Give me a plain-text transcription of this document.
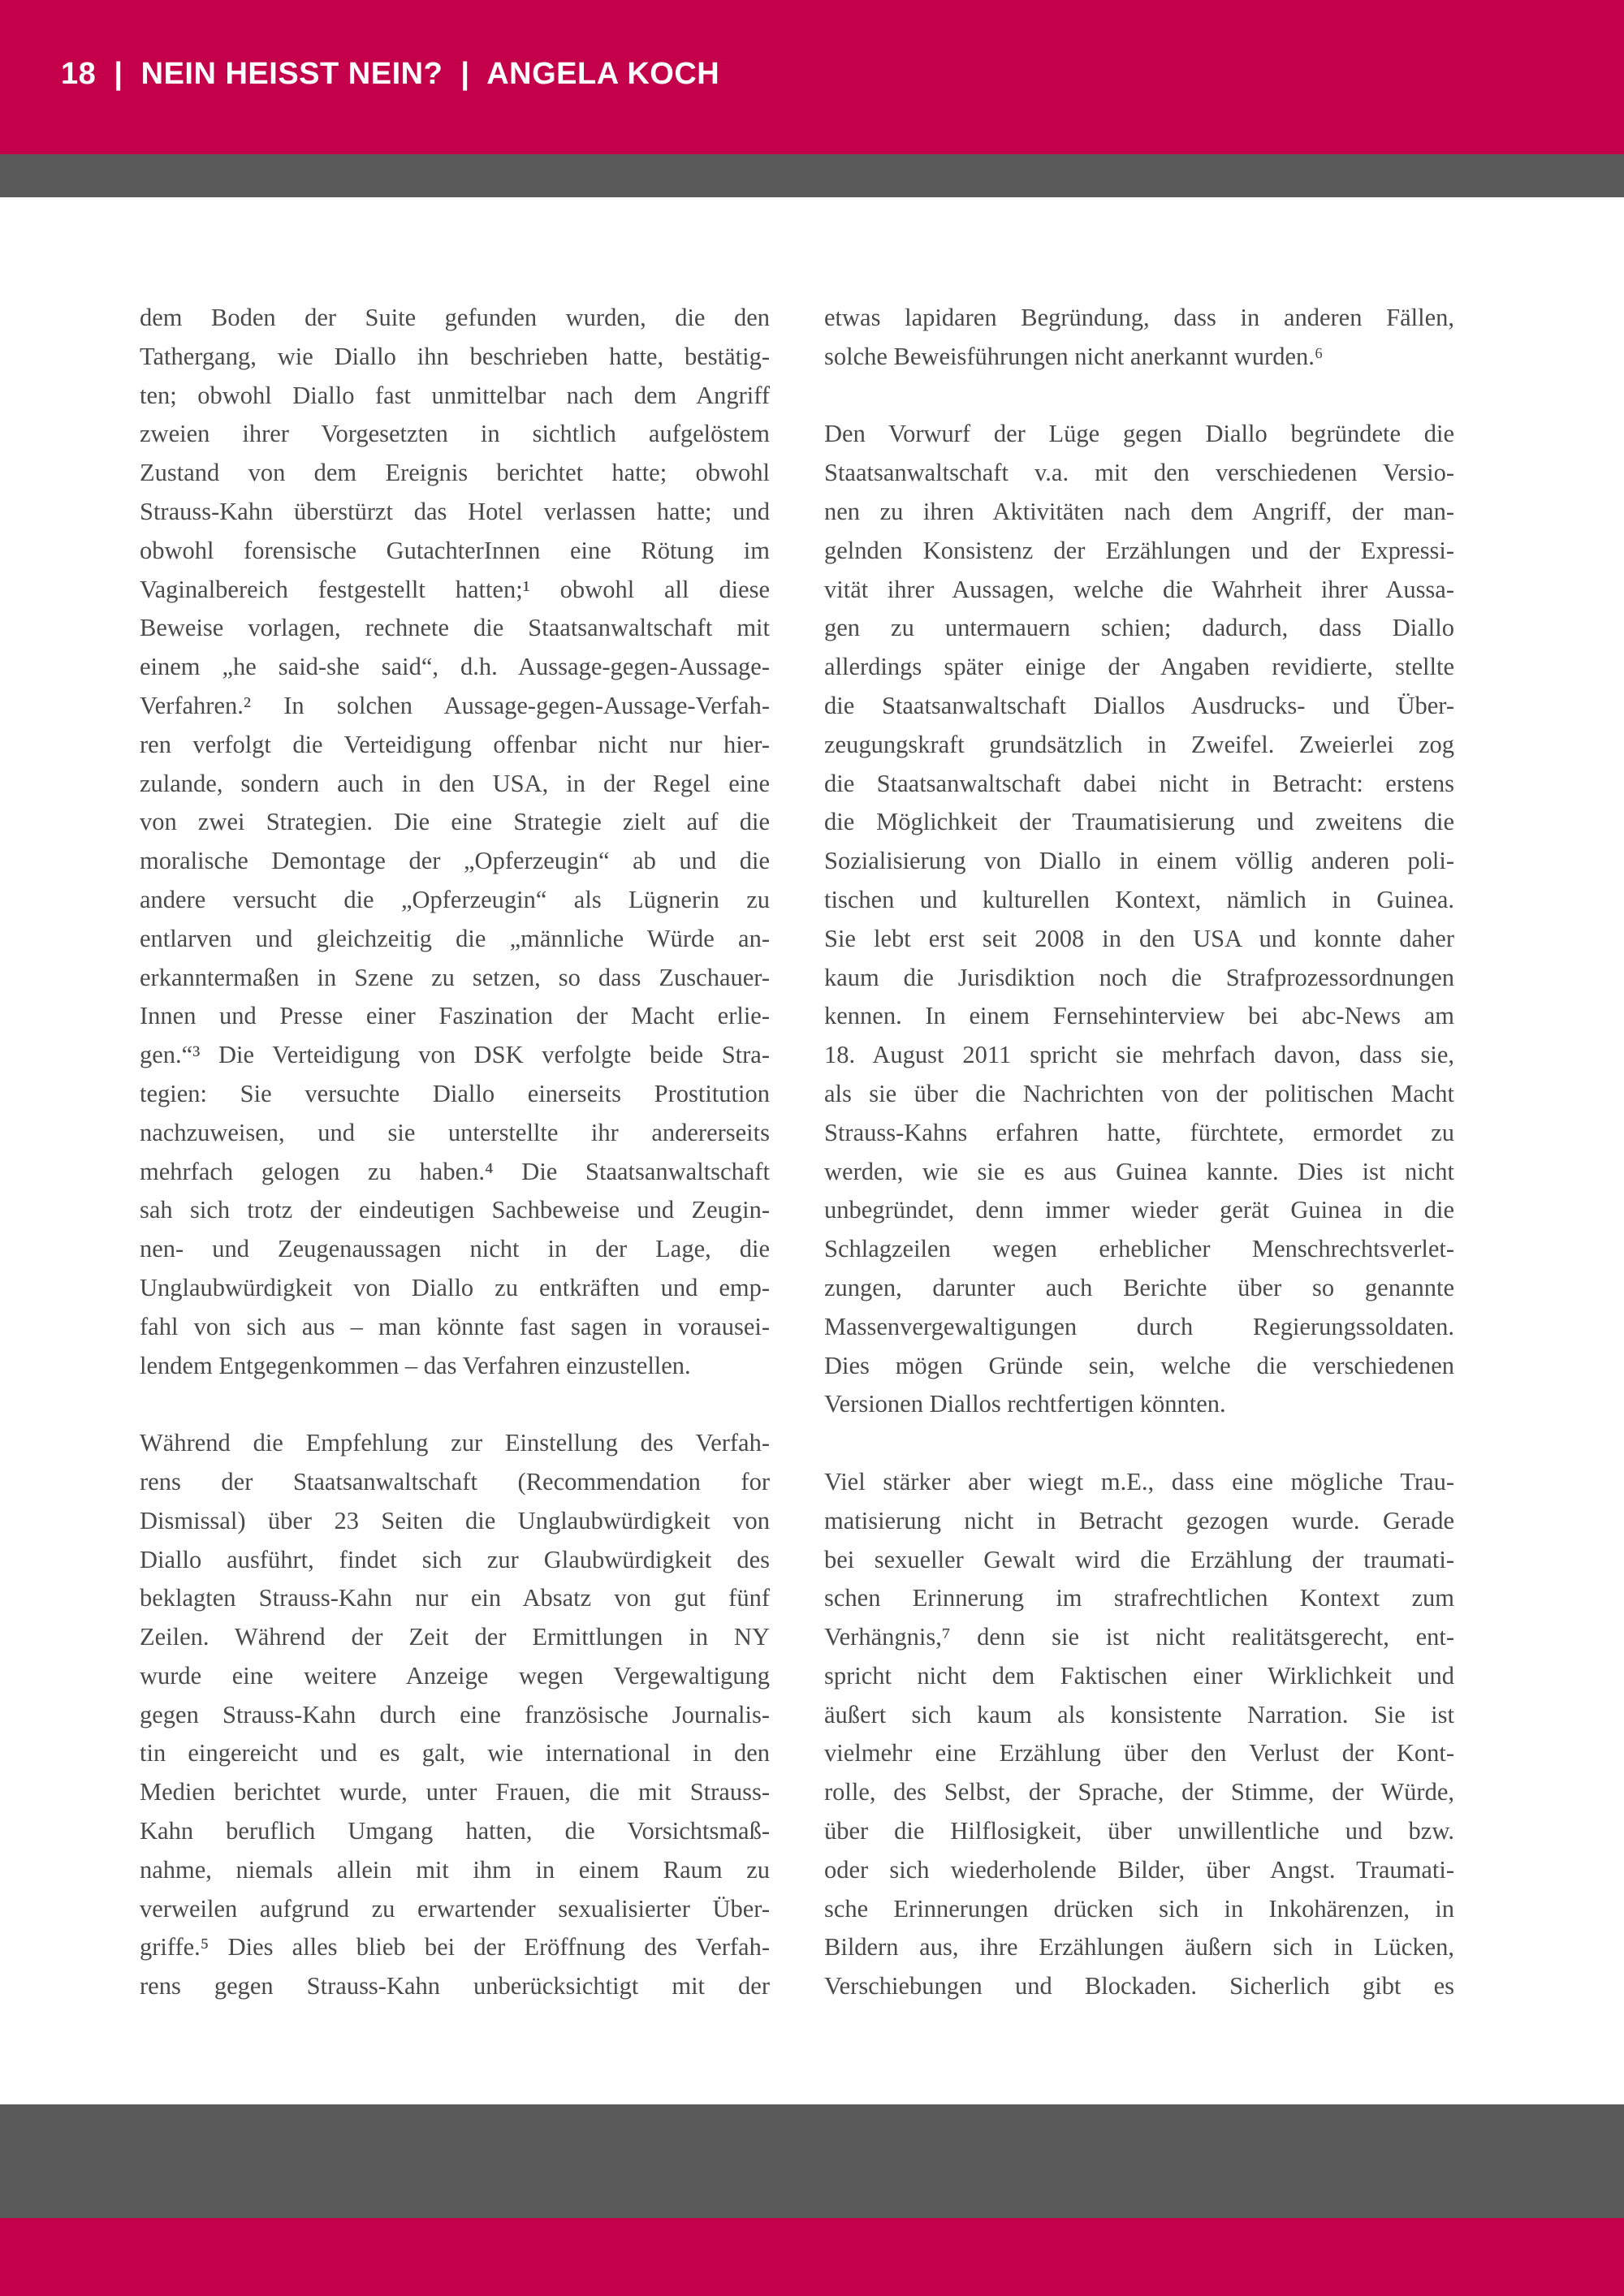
18  |  NEIN HEISST NEIN?  |  ANGELA KOCH
dem Boden der Suite gefunden wurden, die den
Tathergang, wie Diallo ihn beschrieben hatte, bestätig-
ten; obwohl Diallo fast unmittelbar nach dem Angriff
zweien ihrer Vorgesetzten in sichtlich aufgelöstem
Zustand von dem Ereignis berichtet hatte; obwohl
Strauss-Kahn überstürzt das Hotel verlassen hatte; und
obwohl forensische GutachterInnen eine Rötung im
Vaginalbereich festgestellt hatten;¹ obwohl all diese
Beweise vorlagen, rechnete die Staatsanwaltschaft mit
einem „he said-she said“, d.h. Aussage-gegen-Aussage-
Verfahren.² In solchen Aussage-gegen-Aussage-Verfah-
ren verfolgt die Verteidigung offenbar nicht nur hier-
zulande, sondern auch in den USA, in der Regel eine
von zwei Strategien. Die eine Strategie zielt auf die
moralische Demontage der „Opferzeugin“ ab und die
andere versucht die „Opferzeugin“ als Lügnerin zu
entlarven und gleichzeitig die „männliche Würde an-
erkanntermaßen in Szene zu setzen, so dass Zuschauer-
Innen und Presse einer Faszination der Macht erlie-
gen.“³ Die Verteidigung von DSK verfolgte beide Stra-
tegien: Sie versuchte Diallo einerseits Prostitution
nachzuweisen, und sie unterstellte ihr andererseits
mehrfach gelogen zu haben.⁴ Die Staatsanwaltschaft
sah sich trotz der eindeutigen Sachbeweise und Zeugin-
nen- und Zeugenaussagen nicht in der Lage, die
Unglaubwürdigkeit von Diallo zu entkräften und emp-
fahl von sich aus – man könnte fast sagen in vorausei-
lendem Entgegenkommen – das Verfahren einzustellen.
Während die Empfehlung zur Einstellung des Verfah-
rens der Staatsanwaltschaft (Recommendation for
Dismissal) über 23 Seiten die Unglaubwürdigkeit von
Diallo ausführt, findet sich zur Glaubwürdigkeit des
beklagten Strauss-Kahn nur ein Absatz von gut fünf
Zeilen. Während der Zeit der Ermittlungen in NY
wurde eine weitere Anzeige wegen Vergewaltigung
gegen Strauss-Kahn durch eine französische Journalis-
tin eingereicht und es galt, wie international in den
Medien berichtet wurde, unter Frauen, die mit Strauss-
Kahn beruflich Umgang hatten, die Vorsichtsmaß-
nahme, niemals allein mit ihm in einem Raum zu
verweilen aufgrund zu erwartender sexualisierter Über-
griffe.⁵ Dies alles blieb bei der Eröffnung des Verfah-
rens gegen Strauss-Kahn unberücksichtigt mit der
etwas lapidaren Begründung, dass in anderen Fällen,
solche Beweisführungen nicht anerkannt wurden.⁶
Den Vorwurf der Lüge gegen Diallo begründete die
Staatsanwaltschaft v.a. mit den verschiedenen Versio-
nen zu ihren Aktivitäten nach dem Angriff, der man-
gelnden Konsistenz der Erzählungen und der Expressi-
vität ihrer Aussagen, welche die Wahrheit ihrer Aussa-
gen zu untermauern schien; dadurch, dass Diallo
allerdings später einige der Angaben revidierte, stellte
die Staatsanwaltschaft Diallos Ausdrucks- und Über-
zeugungskraft grundsätzlich in Zweifel. Zweierlei zog
die Staatsanwaltschaft dabei nicht in Betracht: erstens
die Möglichkeit der Traumatisierung und zweitens die
Sozialisierung von Diallo in einem völlig anderen poli-
tischen und kulturellen Kontext, nämlich in Guinea.
Sie lebt erst seit 2008 in den USA und konnte daher
kaum die Jurisdiktion noch die Strafprozessordnungen
kennen. In einem Fernsehinterview bei abc-News am
18. August 2011 spricht sie mehrfach davon, dass sie,
als sie über die Nachrichten von der politischen Macht
Strauss-Kahns erfahren hatte, fürchtete, ermordet zu
werden, wie sie es aus Guinea kannte. Dies ist nicht
unbegründet, denn immer wieder gerät Guinea in die
Schlagzeilen wegen erheblicher Menschrechtsverlet-
zungen, darunter auch Berichte über so genannte
Massenvergewaltigungen durch Regierungssoldaten.
Dies mögen Gründe sein, welche die verschiedenen
Versionen Diallos rechtfertigen könnten.
Viel stärker aber wiegt m.E., dass eine mögliche Trau-
matisierung nicht in Betracht gezogen wurde. Gerade
bei sexueller Gewalt wird die Erzählung der traumati-
schen Erinnerung im strafrechtlichen Kontext zum
Verhängnis,⁷ denn sie ist nicht realitätsgerecht, ent-
spricht nicht dem Faktischen einer Wirklichkeit und
äußert sich kaum als konsistente Narration. Sie ist
vielmehr eine Erzählung über den Verlust der Kont-
rolle, des Selbst, der Sprache, der Stimme, der Würde,
über die Hilflosigkeit, über unwillentliche und bzw.
oder sich wiederholende Bilder, über Angst. Traumati-
sche Erinnerungen drücken sich in Inkohärenzen, in
Bildern aus, ihre Erzählungen äußern sich in Lücken,
Verschiebungen und Blockaden. Sicherlich gibt es
